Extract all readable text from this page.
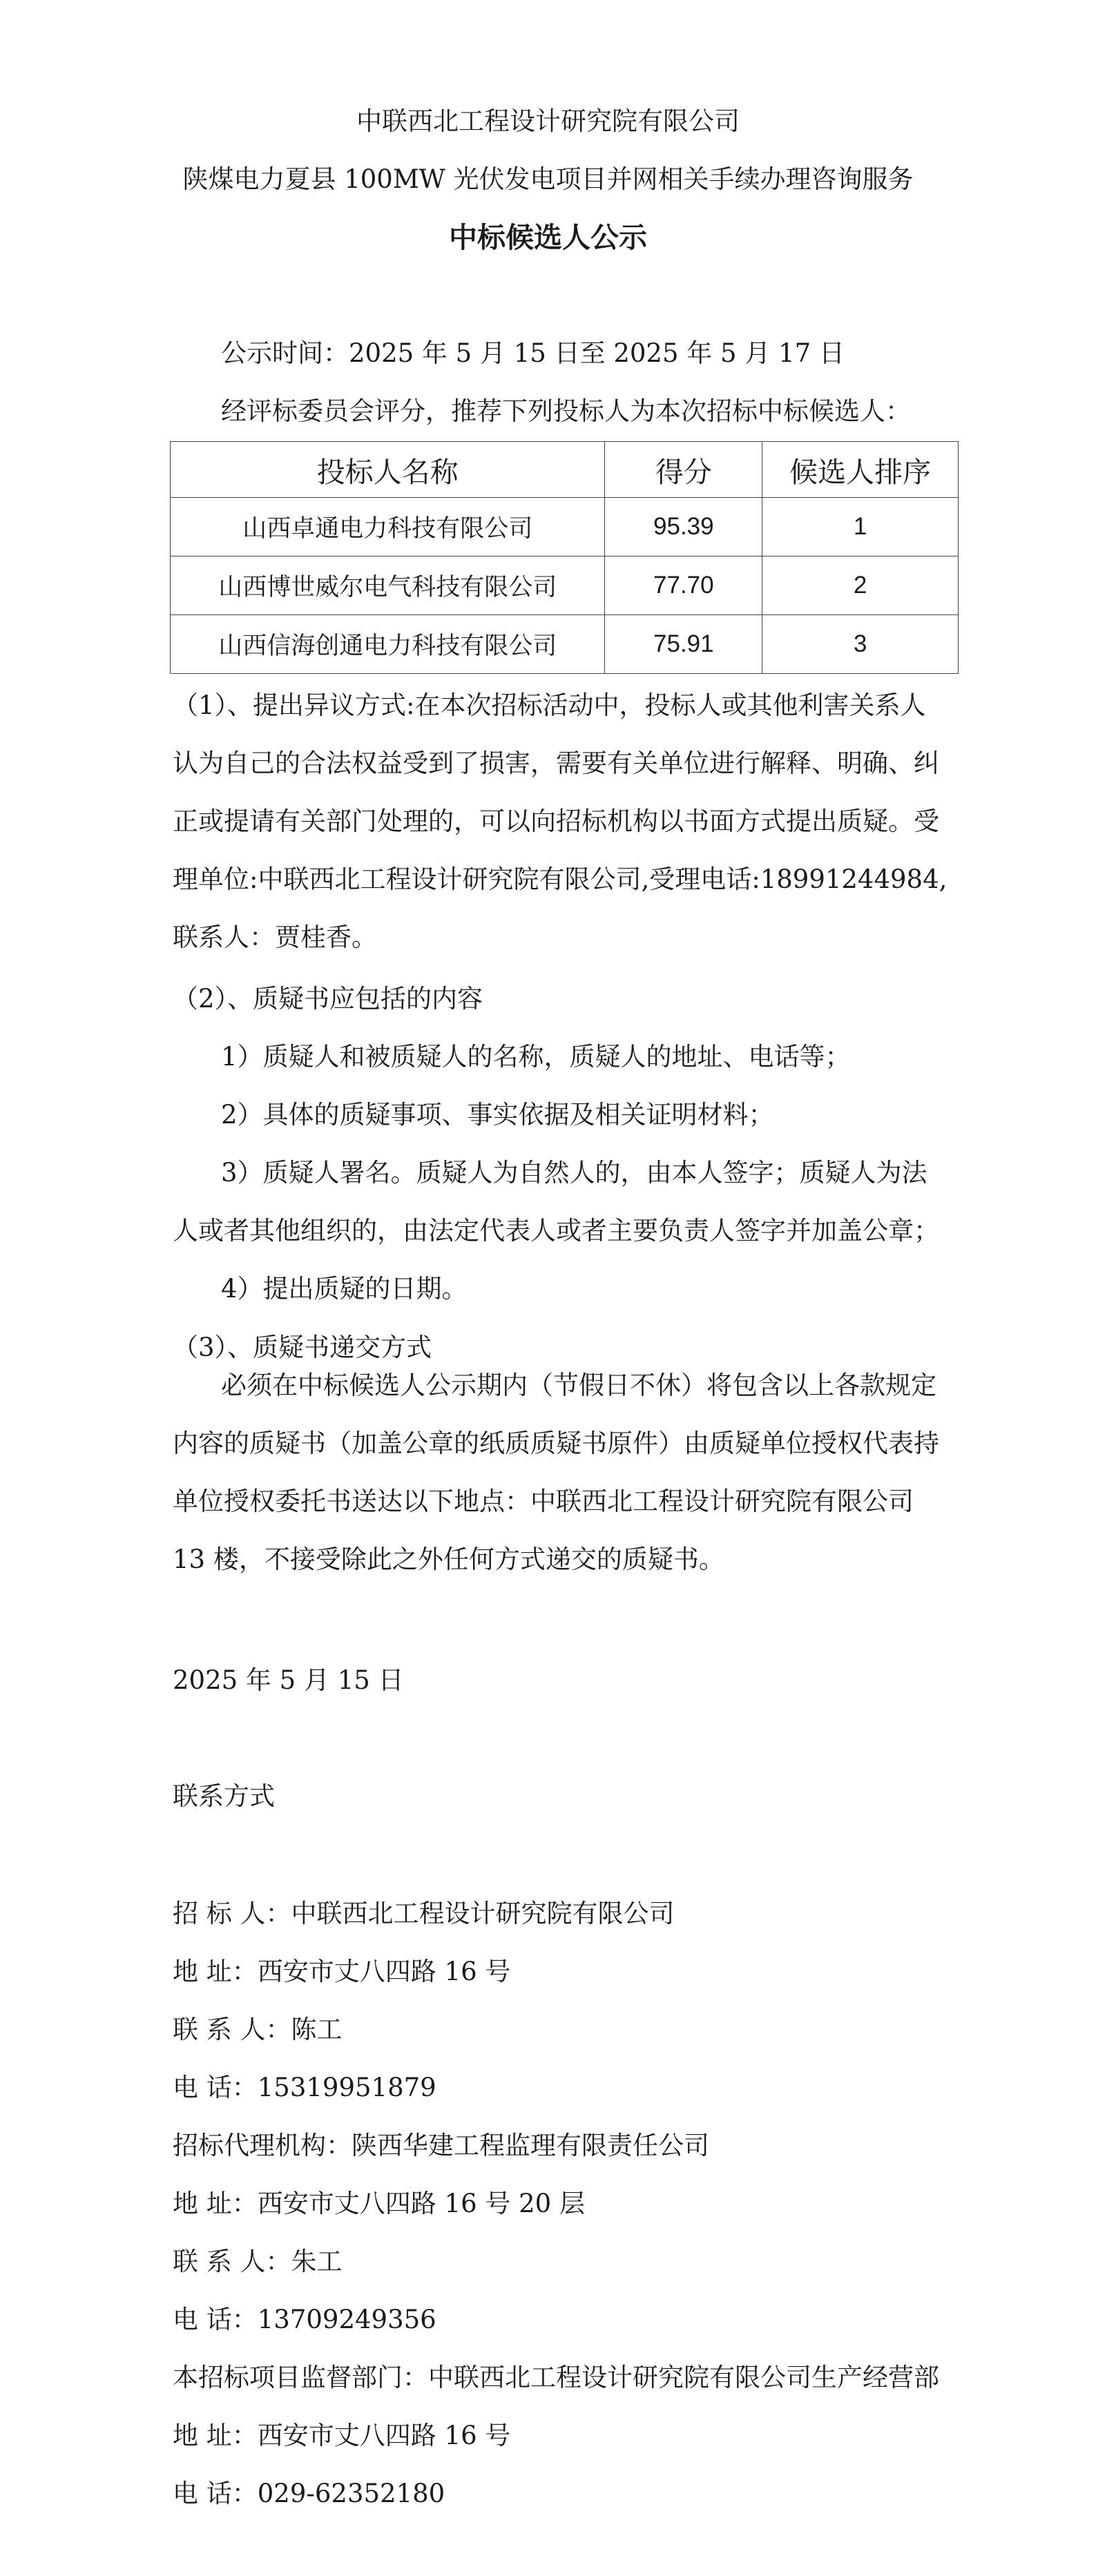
中联西北工程设计研究院有限公司
陕煤电力夏县 100MW 光伏发电项目并网相关手续办理咨询服务
中标候选人公示
公示时间：2025 年 5 月 15 日至 2025 年 5 月 17 日
经评标委员会评分，推荐下列投标人为本次招标中标候选人：
投标人名称	得分	候选人排序
山西卓通电力科技有限公司	95.39	1
山西博世威尔电气科技有限公司	77.70	2
山西信海创通电力科技有限公司	75.91	3
（1）、提出异议方式:在本次招标活动中，投标人或其他利害关系人
认为自己的合法权益受到了损害，需要有关单位进行解释、明确、纠
正或提请有关部门处理的，可以向招标机构以书面方式提出质疑。受
理单位:中联西北工程设计研究院有限公司,受理电话:18991244984,
联系人：贾桂香。
（2）、质疑书应包括的内容
1）质疑人和被质疑人的名称，质疑人的地址、电话等；
2）具体的质疑事项、事实依据及相关证明材料；
3）质疑人署名。质疑人为自然人的，由本人签字；质疑人为法
人或者其他组织的，由法定代表人或者主要负责人签字并加盖公章；
4）提出质疑的日期。
（3）、质疑书递交方式
必须在中标候选人公示期内（节假日不休）将包含以上各款规定
内容的质疑书（加盖公章的纸质质疑书原件）由质疑单位授权代表持
单位授权委托书送达以下地点：中联西北工程设计研究院有限公司
13 楼，不接受除此之外任何方式递交的质疑书。
2025 年 5 月 15 日
联系方式
招 标 人：中联西北工程设计研究院有限公司
地 址：西安市丈八四路 16 号
联 系 人：陈工
电 话：15319951879
招标代理机构：陕西华建工程监理有限责任公司
地 址：西安市丈八四路 16 号 20 层
联 系 人：朱工
电 话：13709249356
本招标项目监督部门：中联西北工程设计研究院有限公司生产经营部
地 址：西安市丈八四路 16 号
电 话：029-62352180
